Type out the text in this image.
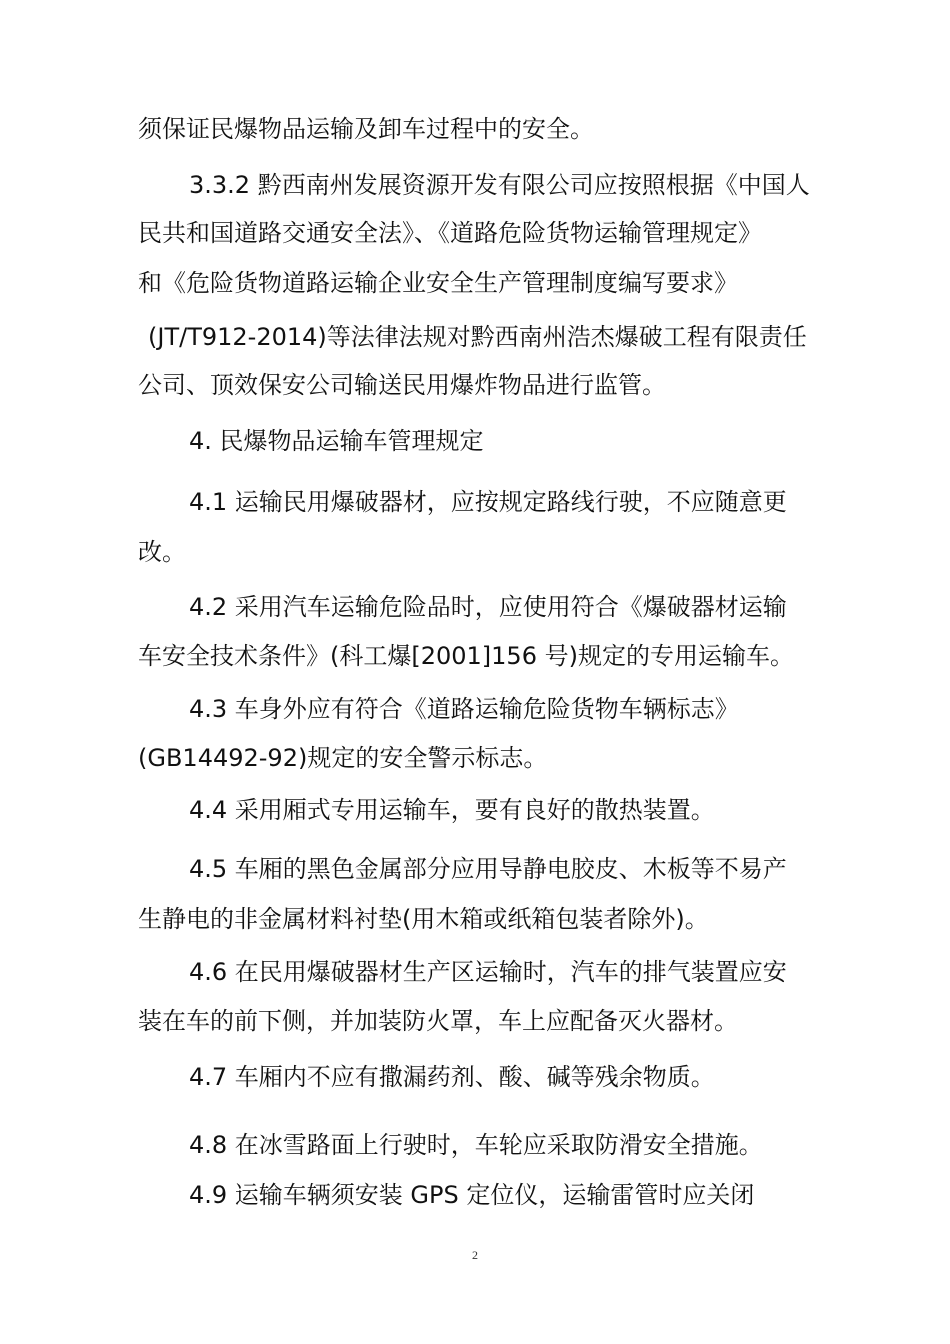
须保证民爆物品运输及卸车过程中的安全。
3.3.2 黔西南州发展资源开发有限公司应按照根据《中国人
民共和国道路交通安全法》、《道路危险货物运输管理规定》
和《危险货物道路运输企业安全生产管理制度编写要求》
(JT/T912-2014)等法律法规对黔西南州浩杰爆破工程有限责任
公司、顶效保安公司输送民用爆炸物品进行监管。
4. 民爆物品运输车管理规定
4.1 运输民用爆破器材，应按规定路线行驶，不应随意更
改。
4.2 采用汽车运输危险品时，应使用符合《爆破器材运输
车安全技术条件》(科工爆[2001]156 号)规定的专用运输车。
4.3 车身外应有符合《道路运输危险货物车辆标志》
(GB14492-92)规定的安全警示标志。
4.4 采用厢式专用运输车，要有良好的散热装置。
4.5 车厢的黑色金属部分应用导静电胶皮、木板等不易产
生静电的非金属材料衬垫(用木箱或纸箱包装者除外)。
4.6 在民用爆破器材生产区运输时，汽车的排气装置应安
装在车的前下侧，并加装防火罩，车上应配备灭火器材。
4.7 车厢内不应有撒漏药剂、酸、碱等残余物质。
4.8 在冰雪路面上行驶时，车轮应采取防滑安全措施。
4.9 运输车辆须安装 GPS 定位仪，运输雷管时应关闭
2
